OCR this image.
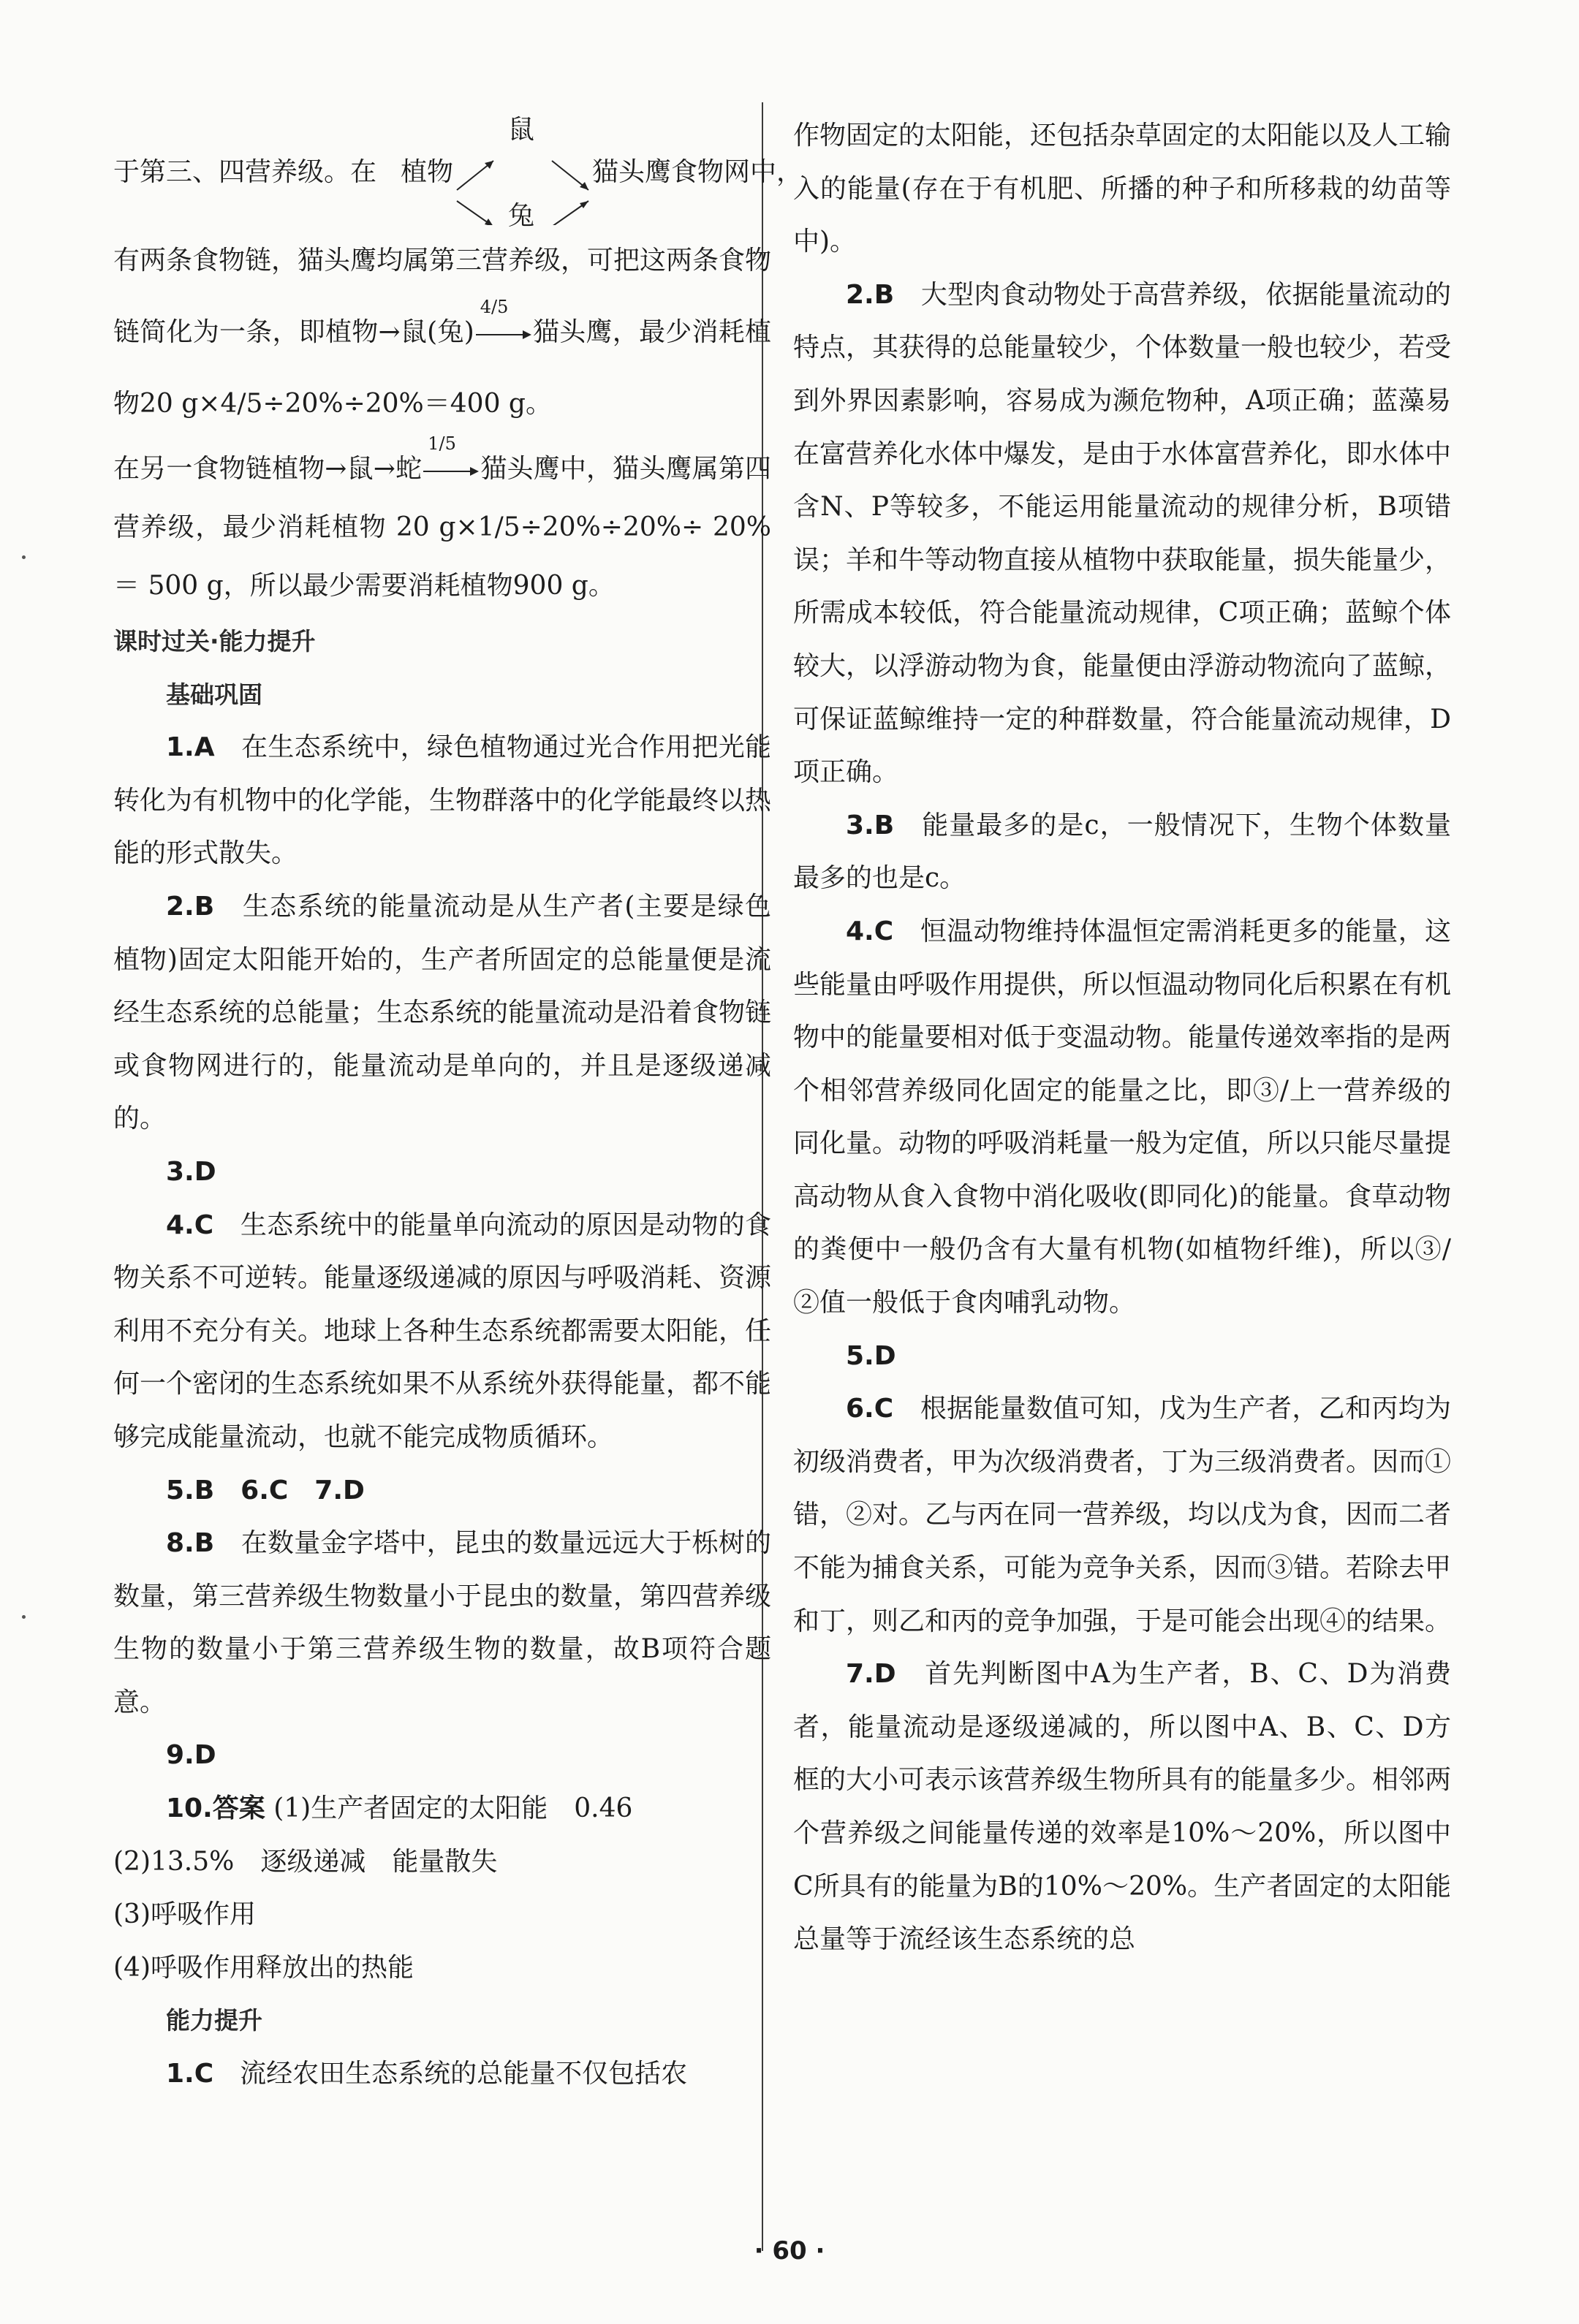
于第三、四营养级。在 植物
鼠
兔
猫头鹰 食物网中，

有两条食物链，猫头鹰均属第三营养级，可把这两条食物链简化为一条，即植物→鼠(兔)
4/5
猫头鹰，最少消耗植物20 g×4/5÷20%÷20%＝400 g。

在另一食物链植物→鼠→蛇
1/5
猫头鹰中，猫头鹰属第四营养级，最少消耗植物 20 g×1/5÷20%÷20%÷ 20% ＝ 500 g，所以最少需要消耗植物900 g。

课时过关·能力提升

基础巩固

1.A　 在生态系统中，绿色植物通过光合作用把光能转化为有机物中的化学能，生物群落中的化学能最终以热能的形式散失。

2.B　 生态系统的能量流动是从生产者(主要是绿色植物)固定太阳能开始的，生产者所固定的总能量便是流经生态系统的总能量；生态系统的能量流动是沿着食物链或食物网进行的，能量流动是单向的，并且是逐级递减的。

3.D

4.C　 生态系统中的能量单向流动的原因是动物的食物关系不可逆转。能量逐级递减的原因与呼吸消耗、资源利用不充分有关。地球上各种生态系统都需要太阳能，任何一个密闭的生态系统如果不从系统外获得能量，都不能够完成能量流动，也就不能完成物质循环。

5.B　6.C　7.D

8.B　 在数量金字塔中，昆虫的数量远远大于栎树的数量，第三营养级生物数量小于昆虫的数量，第四营养级生物的数量小于第三营养级生物的数量，故B项符合题意。

9.D

10.答案 (1)生产者固定的太阳能　0.46

(2)13.5%　逐级递减　能量散失

(3)呼吸作用

(4)呼吸作用释放出的热能

能力提升

1.C　 流经农田生态系统的总能量不仅包括农

作物固定的太阳能，还包括杂草固定的太阳能以及人工输入的能量(存在于有机肥、所播的种子和所移栽的幼苗等中)。

2.B　 大型肉食动物处于高营养级，依据能量流动的特点，其获得的总能量较少，个体数量一般也较少，若受到外界因素影响，容易成为濒危物种，A项正确；蓝藻易在富营养化水体中爆发，是由于水体富营养化，即水体中含N、P等较多，不能运用能量流动的规律分析，B项错误；羊和牛等动物直接从植物中获取能量，损失能量少，所需成本较低，符合能量流动规律，C项正确；蓝鲸个体较大，以浮游动物为食，能量便由浮游动物流向了蓝鲸，可保证蓝鲸维持一定的种群数量，符合能量流动规律，D项正确。

3.B　 能量最多的是c，一般情况下，生物个体数量最多的也是c。

4.C　 恒温动物维持体温恒定需消耗更多的能量，这些能量由呼吸作用提供，所以恒温动物同化后积累在有机物中的能量要相对低于变温动物。能量传递效率指的是两个相邻营养级同化固定的能量之比，即③/上一营养级的同化量。动物的呼吸消耗量一般为定值，所以只能尽量提高动物从食入食物中消化吸收(即同化)的能量。食草动物的粪便中一般仍含有大量有机物(如植物纤维)，所以③/②值一般低于食肉哺乳动物。

5.D

6.C　 根据能量数值可知，戊为生产者，乙和丙均为初级消费者，甲为次级消费者，丁为三级消费者。因而①错，②对。乙与丙在同一营养级，均以戊为食，因而二者不能为捕食关系，可能为竞争关系，因而③错。若除去甲和丁，则乙和丙的竞争加强，于是可能会出现④的结果。

7.D　 首先判断图中A为生产者，B、C、D为消费者，能量流动是逐级递减的，所以图中A、B、C、D方框的大小可表示该营养级生物所具有的能量多少。相邻两个营养级之间能量传递的效率是10%～20%，所以图中C所具有的能量为B的10%～20%。生产者固定的太阳能总量等于流经该生态系统的总

· 60 ·
